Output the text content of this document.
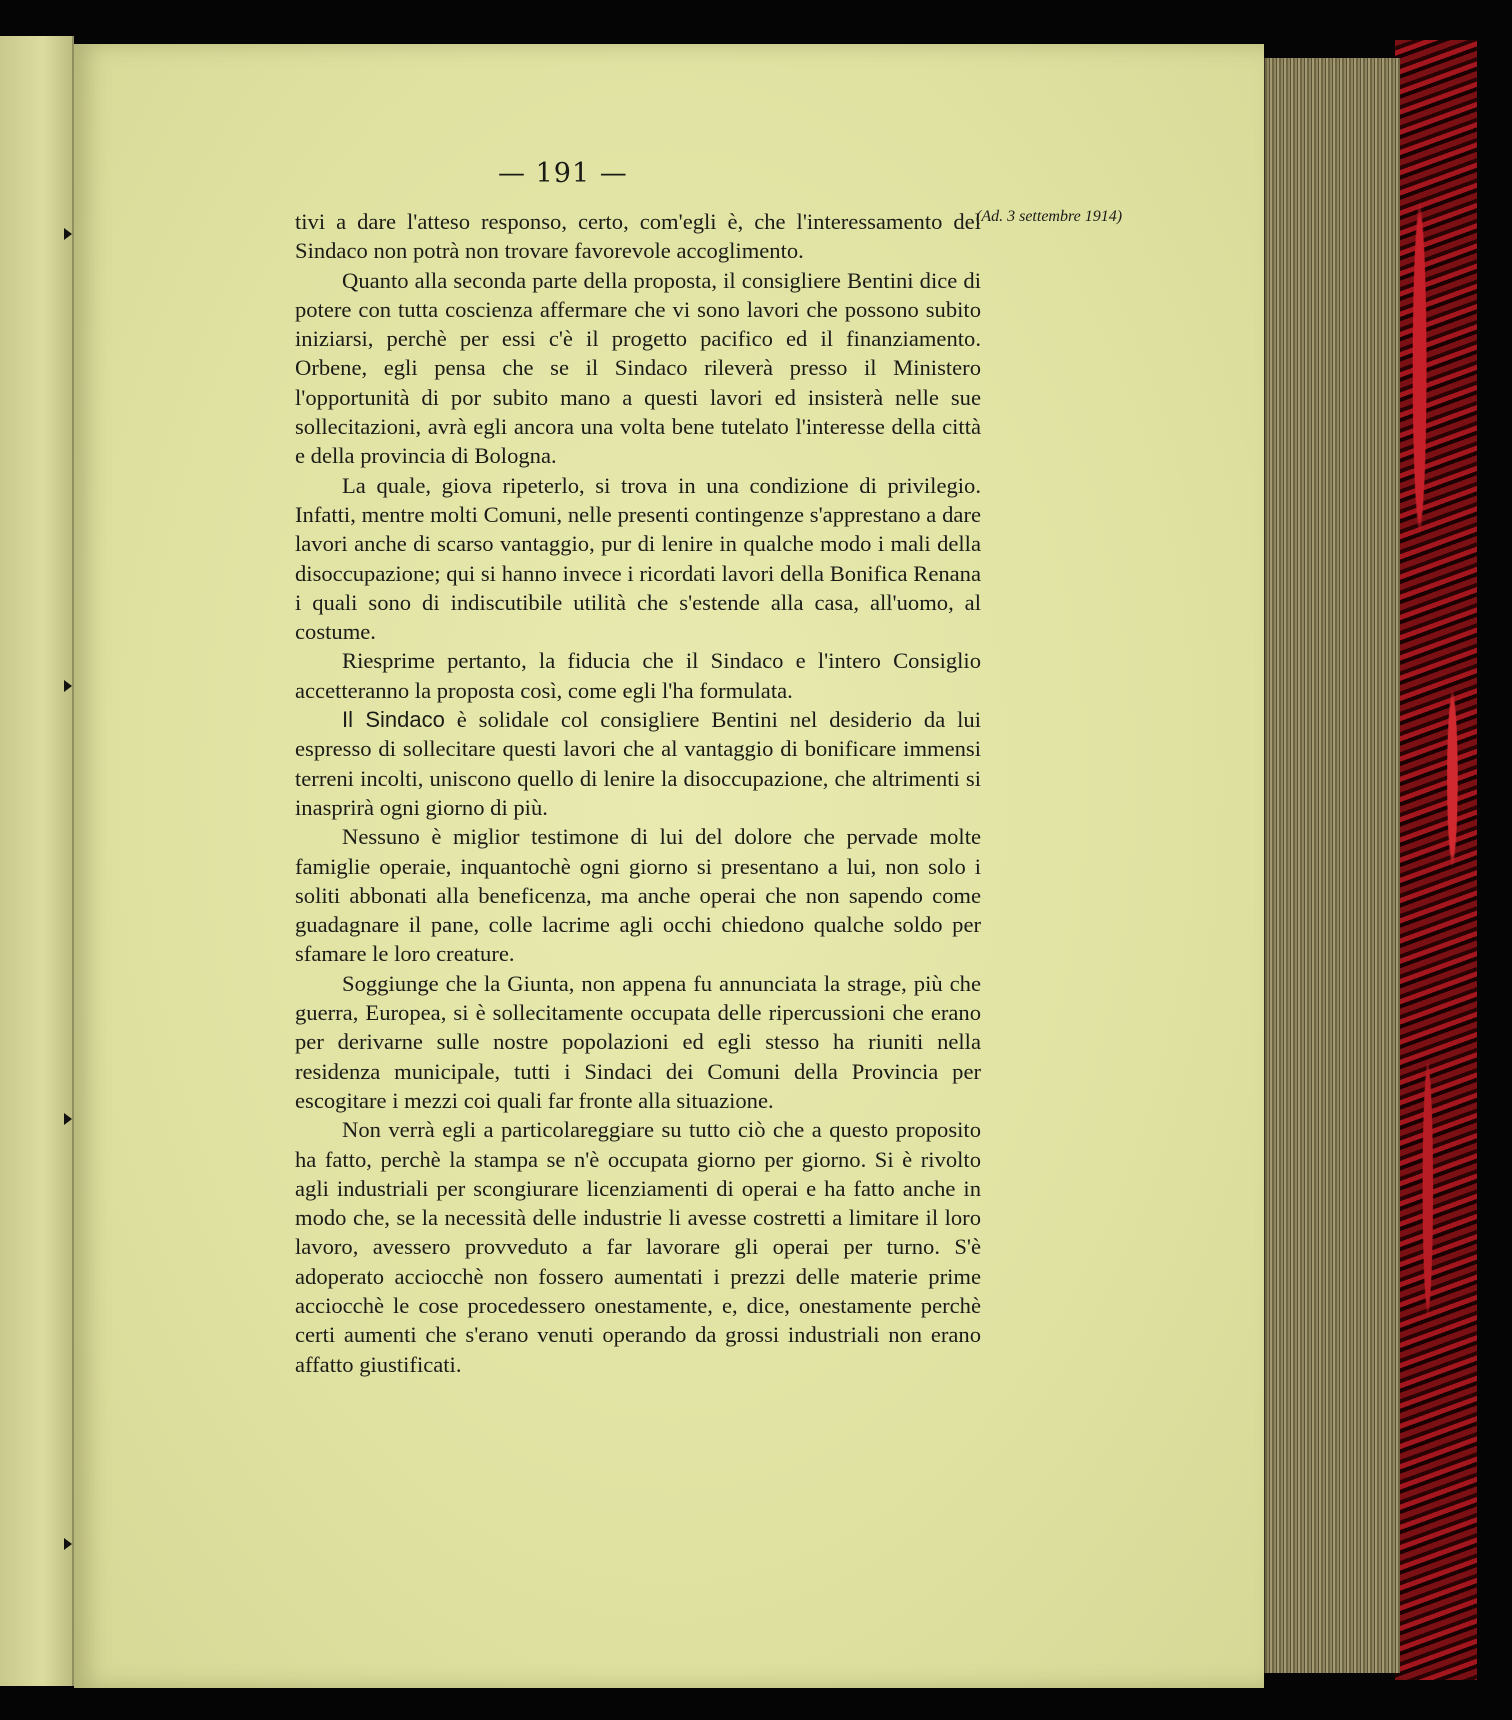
— 191 —

tivi a dare l'atteso responso, certo, com'egli è, che l'interessamento del Sindaco non potrà non trovare favorevole accoglimento.

Quanto alla seconda parte della proposta, il consigliere Bentini dice di potere con tutta coscienza affermare che vi sono lavori che possono subito iniziarsi, perchè per essi c'è il progetto pacifico ed il finanziamento. Orbene, egli pensa che se il Sindaco rileverà presso il Ministero l'opportunità di por subito mano a questi lavori ed insisterà nelle sue sollecitazioni, avrà egli ancora una volta bene tutelato l'interesse della città e della provincia di Bologna.

La quale, giova ripeterlo, si trova in una condizione di privilegio. Infatti, mentre molti Comuni, nelle presenti contingenze s'apprestano a dare lavori anche di scarso vantaggio, pur di lenire in qualche modo i mali della disoccupazione; qui si hanno invece i ricordati lavori della Bonifica Renana i quali sono di indiscutibile utilità che s'estende alla casa, all'uomo, al costume.

Riesprime pertanto, la fiducia che il Sindaco e l'intero Consiglio accetteranno la proposta così, come egli l'ha formulata.

Il Sindaco è solidale col consigliere Bentini nel desiderio da lui espresso di sollecitare questi lavori che al vantaggio di bonificare immensi terreni incolti, uniscono quello di lenire la disoccupazione, che altrimenti si inasprirà ogni giorno di più.

Nessuno è miglior testimone di lui del dolore che pervade molte famiglie operaie, inquantochè ogni giorno si presentano a lui, non solo i soliti abbonati alla beneficenza, ma anche operai che non sapendo come guadagnare il pane, colle lacrime agli occhi chiedono qualche soldo per sfamare le loro creature.

Soggiunge che la Giunta, non appena fu annunciata la strage, più che guerra, Europea, si è sollecitamente occupata delle ripercussioni che erano per derivarne sulle nostre popolazioni ed egli stesso ha riuniti nella residenza municipale, tutti i Sindaci dei Comuni della Provincia per escogitare i mezzi coi quali far fronte alla situazione.

Non verrà egli a particolareggiare su tutto ciò che a questo proposito ha fatto, perchè la stampa se n'è occupata giorno per giorno. Si è rivolto agli industriali per scongiurare licenziamenti di operai e ha fatto anche in modo che, se la necessità delle industrie li avesse costretti a limitare il loro lavoro, avessero provveduto a far lavorare gli operai per turno. S'è adoperato acciocchè non fossero aumentati i prezzi delle materie prime acciocchè le cose procedessero onestamente, e, dice, onestamente perchè certi aumenti che s'erano venuti operando da grossi industriali non erano affatto giustificati.

(Ad. 3 settembre 1914)
